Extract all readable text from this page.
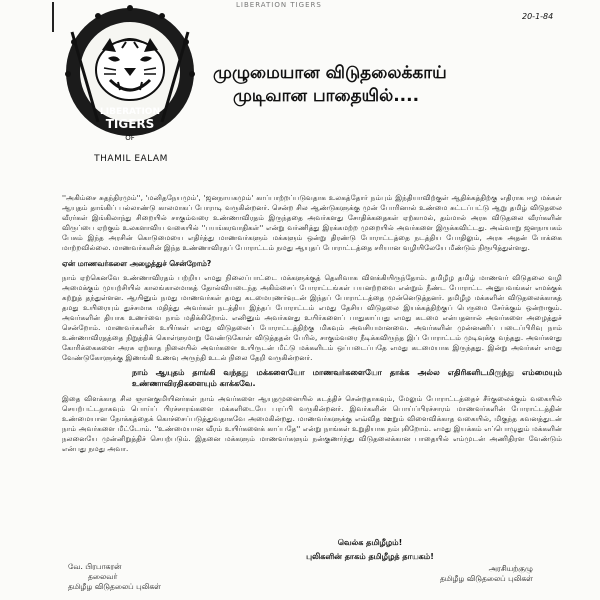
LIBERATION TIGERS
20-1-84
LIBERATION
TIGERS
OF
THAMIL EALAM
முழுமையான விடுதலைக்காய்
முடிவான பாதையில்....

''அகிம்சை சுதந்திரமும்'', 'மனிதநேயமும்', 'ஜனநாயகமும்' காப்பாற்றப்படுவதாக உலகத்தோர் நம்பும் இந்தியாவிற்குள் ஆதிக்கத்திற்கு எதிராக ஈழ மக்கள் ஆயுதம் தாங்கிப் பல்லாண்டு காலமாகப் போராடி வருகின்றனர். சென்ற சில ஆண்டுகளுக்கு முன் போரினால் உண்மை சுட்டப்பட்டு ஆறு தமிழ் விடுதலை வீரர்கள் இங்கிலாந்து சிறையில் சாகும்வரை உண்ணாவிரதம் இருந்ததை அவர்களது சோதிக்கதைகள் ஏற்காமல், தம்மால் அரசு விடுதலை வீரர்களின் விருப்பை ஏற்கும் உலகளாவிய வகையில் ''பயங்கரவாதிகள்'' என்று வர்ணித்து இரக்கமற்ற முறையில் அவர்களை இருக்கவிட்டது. அவ்வாறு ஜனநாயகம் பேசும் இந்த அரசின் கொடுமையை எதிர்த்து மாணவர்களும் மக்களும் ஒன்று திரண்டு போராட்டத்தை நடத்திய போதிலும், அரசு அதன் போக்கை மாற்றவில்லை. மாணவர்களின் இந்த உண்ணாவிரதப் போராட்டம் நமது ஆயுதப் போராட்டத்தை சரியான வழியிலேயே மீண்டும் நிரூபித்துள்ளது.

ஏன் மாணவர்களை அழைத்துச் சென்றோம்?

நாம் ஏற்கெனவே உண்ணாவிரதம் பற்றிய எமது நிலைப்பாட்டை மக்களுக்குத் தெளிவாக விளக்கியிருந்தோம். தமிழீழ தமிழ் மாணவர் விடுதலை வழி அமைக்கும் முயற்சியில் காலங்காலமாகத் தோல்வியடைந்த அகிம்சைப் போராட்டங்கள் பயனற்றவை என்றும் நீண்ட போராட்ட அனுபவங்கள் எமக்குக் கற்றுத் தந்துள்ளன. ஆயினும் நமது மாணவர்கள் தமது கடமையுணர்வுடன் இந்தப் போராட்டத்தை முன்னெடுத்தனர். தமிழீழ மக்களின் விடுதலைக்காகத் தமது உயிரையும் துச்சமாக மதித்து அவர்கள் நடத்திய இந்தப் போராட்டம் எமது தேசிய விடுதலை இயக்கத்திற்குப் பெருமை சேர்க்கும் ஒன்றாகும். அவர்களின் தியாக உணர்வை நாம் மதிக்கிறோம். எனினும் அவர்களது உயிர்களைப் பாதுகாப்பது எமது கடமை என்பதனால் அவர்களை அழைத்துச் சென்றோம். மாணவர்களின் உயிர்கள் எமது விடுதலைப் போராட்டத்திற்கு மிகவும் அவசியமானவை. அவர்களின் முன்னணிப் படைப்பிரிவு நாம் உண்ணாவிரதத்தை நிறுத்திக் கொள்ளுமாறு வேண்டுகோள் விடுத்ததன் பேரில், சாகும்வரை நீடிக்கவிருந்த இப் போராட்டம் முடிவுக்கு வந்தது. அவர்களது கோரிக்கைகளை அரசு ஏற்காத நிலையில் அவர்களை உயிருடன் மீட்டு மக்களிடம் ஒப்படைப்பதே எமது கடமையாக இருந்தது. இன்று அவர்கள் எமது வேண்டுகோளுக்கு இணங்கி உணவு அருந்தி உடல் நிலை தேறி வருகின்றனர்.

நாம் ஆயுதம் தாங்கி வந்தது மக்களையோ மாணவர்களையோ தாக்க அல்ல எதிரிகளிடமிருந்து எம்மையும் உண்ணாவிரதிகளையும் காக்கவே.

இதை விளக்காத சில ஞானகுமியினர்கள் நாம் அவர்களை ஆயுதமுனையில் கடத்திச் சென்றதாகவும், மேலும் போராட்டத்தைச் சீர்குலைக்கும் வகையில் செயற்பட்டதாகவும் பொய்ப் பிரச்சாரங்களை மக்களிடையே பரப்பி வருகின்றனர். இவர்களின் பொய்ப்பிரச்சாரம் மாணவர்களின் போராட்டத்தின் உண்மையான நோக்கத்தைக் கொச்சைப்படுத்துவதாகவே அமைகின்றது. மாணவர்களுக்கு எவ்வித ஊறும் விளைவிக்காத வகையில், மிகுந்த கவனத்துடன் நாம் அவர்களை மீட்டோம். ''உண்மையான வீரம் உயிர்களைக் காப்பதே'' என்று நாங்கள் உறுதியாக நம்புகிறோம். எமது இயக்கம் எப்பொழுதும் மக்களின் நலனையே முன்னிறுத்திச் செயற்படும். இதனை மக்களும் மாணவர்களும் நன்குணர்ந்து விடுதலைக்கான பாதையில் எம்முடன் அணிதிரள வேண்டும் என்பது நமது அவா.

வெல்க தமிழீழம்!
புலிகளின் தாகம் தமிழீழத் தாயகம்!
வே. பிரபாகரன்
தலைவர்
தமிழீழ விடுதலைப் புலிகள்
அரசியற்குழு
தமிழீழ விடுதலைப் புலிகள்
